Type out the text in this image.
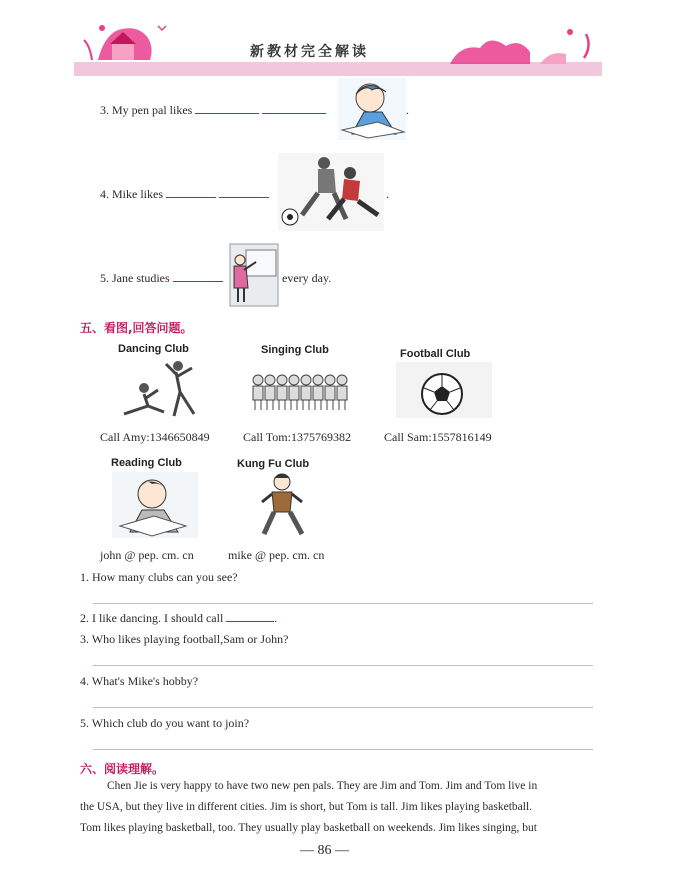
新教材完全解读
3. My pen pal likes	.
4. Mike likes	.
5. Jane studies	every day.
五、看图,回答问题。
Dancing Club	Singing Club	Football Club
Call Amy:1346650849	Call Tom:1375769382	Call Sam:1557816149
Reading Club	Kung Fu Club
john @ pep. cm. cn	mike @ pep. cm. cn
1. How many clubs can you see?
2. I like dancing. I should call	.
3. Who likes playing football,Sam or John?
4. What's Mike's hobby?
5. Which club do you want to join?
六、阅读理解。
Chen Jie is very happy to have two new pen pals. They are Jim and Tom. Jim and Tom live in
the USA, but they live in different cities. Jim is short, but Tom is tall. Jim likes playing basketball.
Tom likes playing basketball, too. They usually play basketball on weekends. Jim likes singing, but
— 86 —
